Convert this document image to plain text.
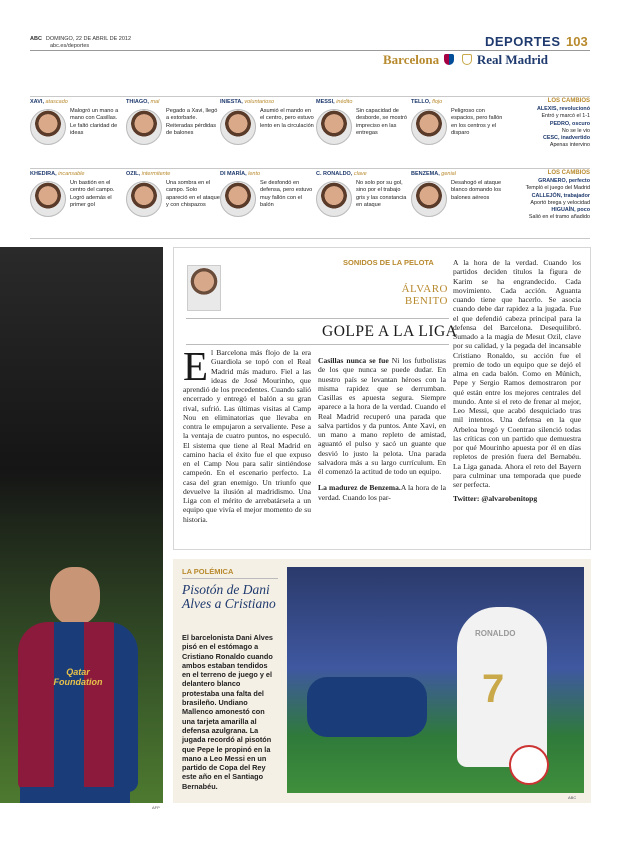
ABC DOMINGO, 22 DE ABRIL DE 2012
abc.es/deportes	DEPORTES 103
Barcelona	Real Madrid
XAVI, atascado
Malogró un mano a mano con Casillas. Le faltó claridad de ideas
THIAGO, mal
Pegado a Xavi, llegó a estorbarle. Reiteradas pérdidas de balones
INIESTA, voluntarioso
Asumió el mando en el centro, pero estuvo lento en la circulación
MESSI, inédito
Sin capacidad de desborde, se mostró impreciso en las entregas
TELLO, flojo
Peligroso con espacios, pero fallón en los centros y el disparo
LOS CAMBIOS
ALEXIS, revolucionó
Entró y marcó el 1-1
PEDRO, oscuro
No se le vio
CESC, inadvertido
Apenas intervino
KHEDIRA, incansable
Un bastión en el centro del campo. Logró además el primer gol
OZIL, intermitente
Una sombra en el campo. Solo apareció en el ataque y con chispazos
DI MARÍA, lento
Se desfondó en defensa, pero estuvo muy fallón con el balón
C. RONALDO, clave
No solo por su gol, sino por el trabajo gris y las constancia en ataque
BENZEMA, genial
Desahogó el ataque blanco domando los balones aéreos
LOS CAMBIOS
GRANERO, perfecto
Templó el juego del Madrid
CALLEJÓN, trabajador
Aportó brega y velocidad
HIGUAÍN, poco
Salió en el tramo añadido
Qatar Foundation
AFP
SONIDOS DE LA PELOTA
ÁLVARO
BENITO
GOLPE A LA LIGA
El Barcelona más flojo de la era Guardiola se topó con el Real Madrid más maduro. Fiel a las ideas de José Mourinho, que aprendió de los precedentes. Cuando salió encerrado y entregó el balón a su gran rival, sufrió. Las últimas visitas al Camp Nou en eliminatorias que llevaba en contra le empujaron a servaliente. Pese a la ventaja de cuatro puntos, no especuló. El sistema que tiene al Real Madrid en camino hacia el éxito fue el que expuso en el Camp Nou para salir sintiéndose campeón. En el escenario perfecto. La casa del gran enemigo. Un triunfo que devuelve la ilusión al madridismo. Una Liga con el mérito de arrebatársela a un equipo que vivía el mejor momento de su historia.
Casillas nunca se fue Ni los futbolistas de los que nunca se puede dudar. En nuestro país se levantan héroes con la misma rapidez que se derrumban. Casillas es apuesta segura. Siempre aparece a la hora de la verdad. Cuando el Real Madrid recuperó una parada que salva partidos y da puntos. Ante Xavi, en un mano a mano repleto de amistad, aguantó el pulso y sacó un guante que desvió lo justo la pelota. Una parada salvadora más a su largo currículum. En él comenzó la actitud de todo un equipo.
La madurez de Benzema.A la hora de la verdad. Cuando los par-
A la hora de la verdad. Cuando los partidos deciden títulos la figura de Karim se ha engrandecido. Cada movimiento. Cada acción. Aguanta cuando tiene que hacerlo. Se asocia cuando debe dar rapidez a la jugada. Fue el que defendió cabeza principal para la defensa del Barcelona. Desequilibró. Sumado a la magia de Mesut Ozil, clave por su calidad, y la pegada del incansable Cristiano Ronaldo, su acción fue el premio de todo un equipo que se dejó el alma en cada balón. Como en Múnich, Pepe y Sergio Ramos demostraron por qué están entre los mejores centrales del mundo. Ante si el reto de frenar al mejor, Leo Messi, que acabó desquiciado tras mil intentos. Una defensa en la que Arbeloa bregó y Coentrao silenció todas las críticas con un partido que demuestra por qué Mourinho apuesta por él en días repletos de presión fuera del Bernabéu. La Liga ganada. Ahora el reto del Bayern para culminar una temporada que puede ser perfecta.
Twitter: @alvarobenitopg
LA POLÉMICA
Pisotón de Dani Alves a Cristiano
El barcelonista Dani Alves pisó en el estómago a Cristiano Ronaldo cuando ambos estaban tendidos en el terreno de juego y el delantero blanco protestaba una falta del brasileño. Undiano Mallenco amonestó con una tarjeta amarilla al defensa azulgrana. La jugada recordó al pisotón que Pepe le propinó en la mano a Leo Messi en un partido de Copa del Rey este año en el Santiago Bernabéu.
RONALDO
7
ABC
